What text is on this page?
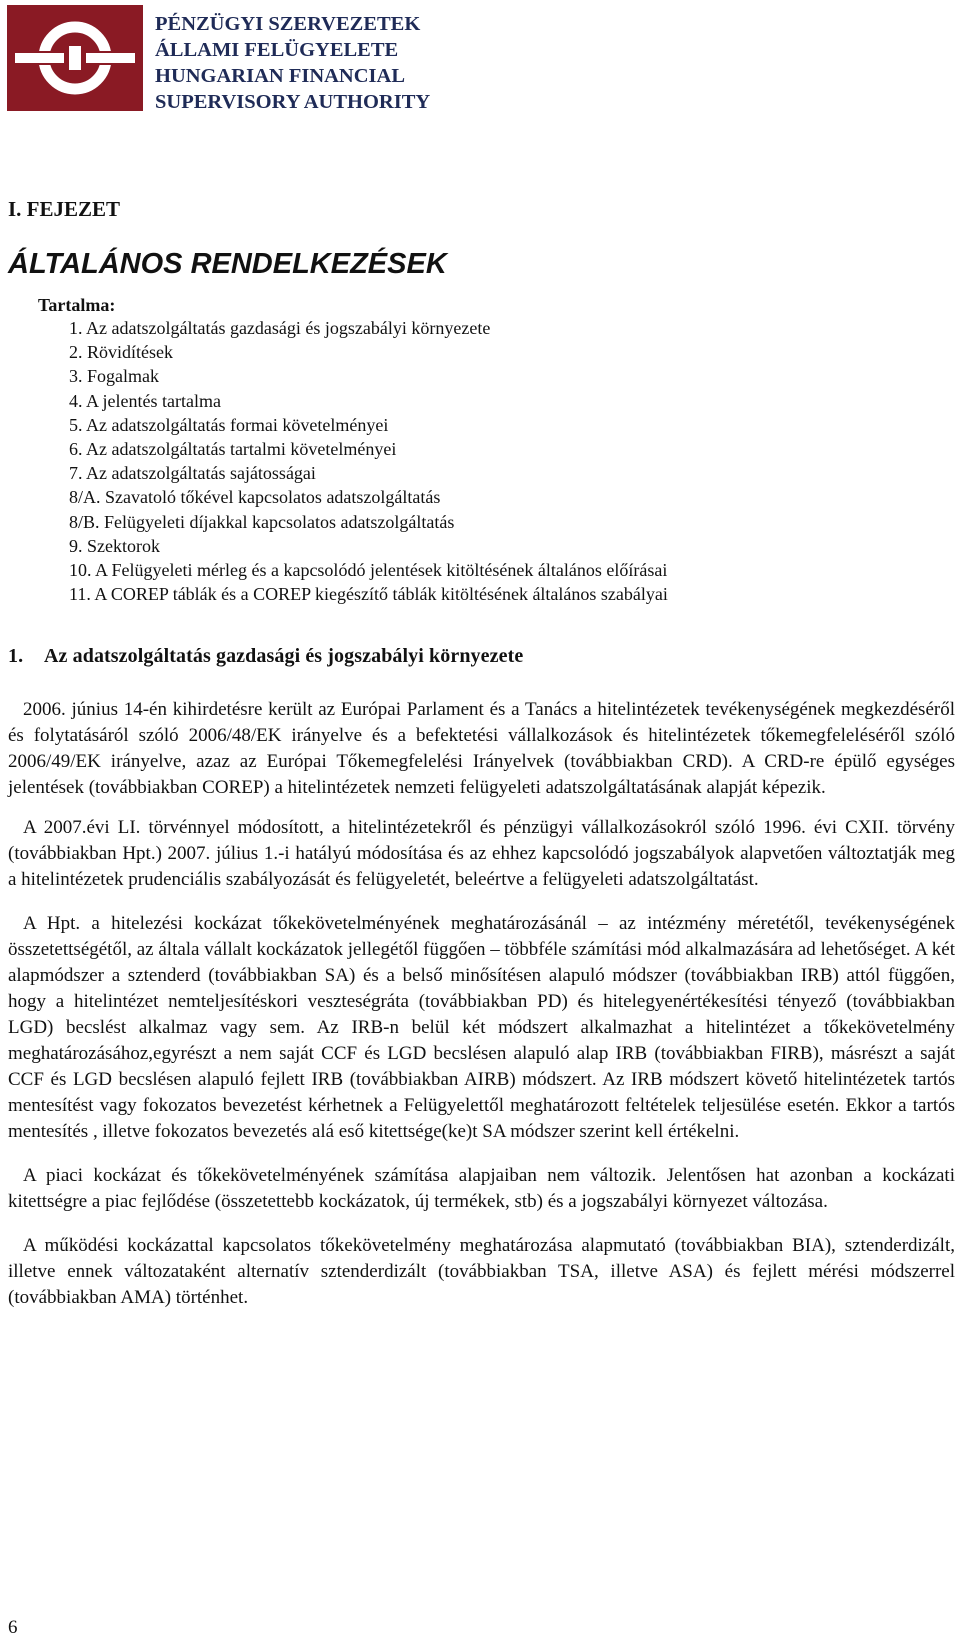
PÉNZÜGYI SZERVEZETEK
ÁLLAMI FELÜGYELETE
HUNGARIAN FINANCIAL
SUPERVISORY AUTHORITY
I. FEJEZET
ÁLTALÁNOS RENDELKEZÉSEK
Tartalma:
1. Az adatszolgáltatás gazdasági és jogszabályi környezete
2. Rövidítések
3. Fogalmak
4. A jelentés tartalma
5. Az adatszolgáltatás formai követelményei
6. Az adatszolgáltatás tartalmi követelményei
7. Az adatszolgáltatás sajátosságai
8/A. Szavatoló tőkével kapcsolatos adatszolgáltatás
8/B. Felügyeleti díjakkal kapcsolatos adatszolgáltatás
9. Szektorok
10. A Felügyeleti mérleg és a kapcsolódó jelentések kitöltésének általános előírásai
11. A COREP táblák és a COREP kiegészítő táblák kitöltésének általános szabályai
1. Az adatszolgáltatás gazdasági és jogszabályi környezete

2006. június 14-én kihirdetésre került az Európai Parlament és a Tanács a hitelintézetek tevékenységének megkezdéséről és folytatásáról szóló 2006/48/EK irányelve és a befektetési vállalkozások és hitelintézetek tőkemegfeleléséről szóló 2006/49/EK irányelve, azaz az Európai Tőkemegfelelési Irányelvek (továbbiakban CRD). A CRD-re épülő egységes jelentések (továbbiakban COREP) a hitelintézetek nemzeti felügyeleti adatszolgáltatásának alapját képezik.

A 2007.évi LI. törvénnyel módosított, a hitelintézetekről és pénzügyi vállalkozásokról szóló 1996. évi CXII. törvény (továbbiakban Hpt.) 2007. július 1.-i hatályú módosítása és az ehhez kapcsolódó jogszabályok alapvetően változtatják meg a hitelintézetek prudenciális szabályozását és felügyeletét, beleértve a felügyeleti adatszolgáltatást.

A Hpt. a hitelezési kockázat tőkekövetelményének meghatározásánál – az intézmény méretétől, tevékenységének összetettségétől, az általa vállalt kockázatok jellegétől függően – többféle számítási mód alkalmazására ad lehetőséget. A két alapmódszer a sztenderd (továbbiakban SA) és a belső minősítésen alapuló módszer (továbbiakban IRB) attól függően, hogy a hitelintézet nemteljesítéskori veszteségráta (továbbiakban PD) és hitelegyenértékesítési tényező (továbbiakban LGD) becslést alkalmaz vagy sem. Az IRB-n belül két módszert alkalmazhat a hitelintézet a tőkekövetelmény meghatározásához,egyrészt a nem saját CCF és LGD becslésen alapuló alap IRB (továbbiakban FIRB), másrészt a saját CCF és LGD becslésen alapuló fejlett IRB (továbbiakban AIRB) módszert. Az IRB módszert követő hitelintézetek tartós mentesítést vagy fokozatos bevezetést kérhetnek a Felügyelettől meghatározott feltételek teljesülése esetén. Ekkor a tartós mentesítés , illetve fokozatos bevezetés alá eső kitettsége(ke)t SA módszer szerint kell értékelni.

A piaci kockázat és tőkekövetelményének számítása alapjaiban nem változik. Jelentősen hat azonban a kockázati kitettségre a piac fejlődése (összetettebb kockázatok, új termékek, stb) és a jogszabályi környezet változása.

A működési kockázattal kapcsolatos tőkekövetelmény meghatározása alapmutató (továbbiakban BIA), sztenderdizált, illetve ennek változataként alternatív sztenderdizált (továbbiakban TSA, illetve ASA) és fejlett mérési módszerrel (továbbiakban AMA) történhet.

6
